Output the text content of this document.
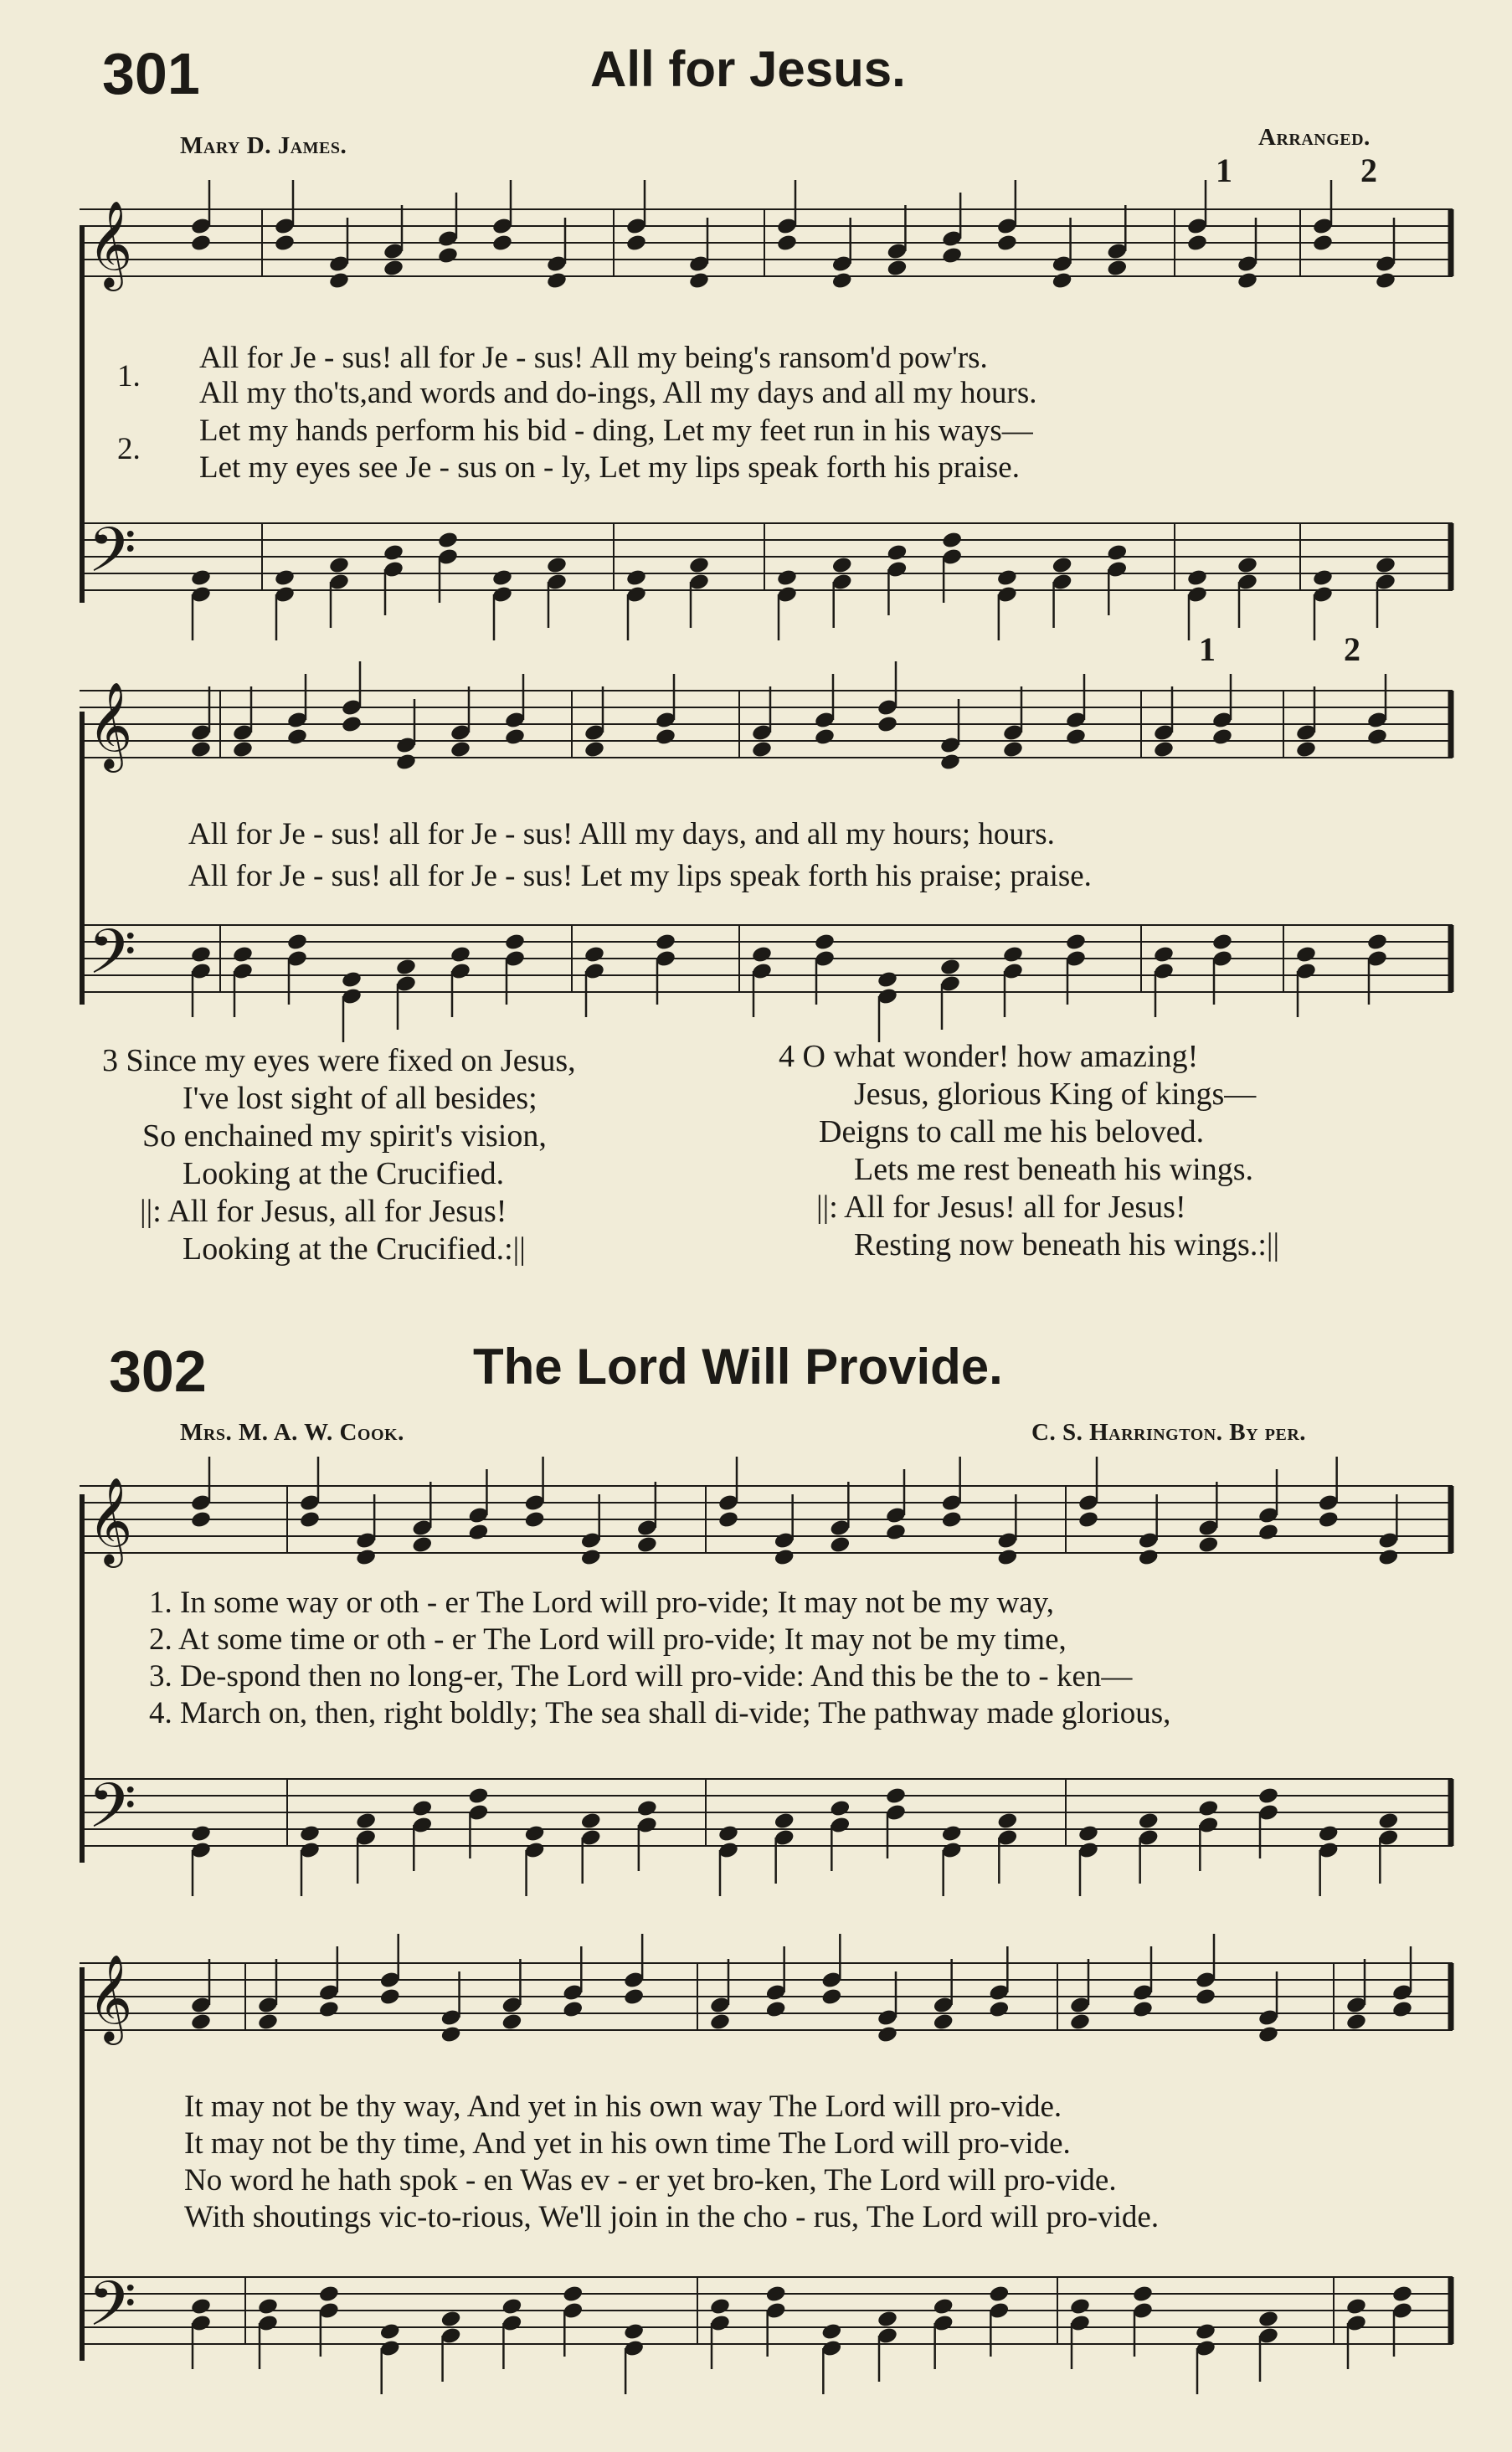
301	All for Jesus.
Mary D. James.	Arranged.
𝄞
𝄢
1.
2.
All for Je - sus! all for Je - sus! All my being's ransom'd pow'rs.
All my tho'ts,and words and do-ings, All my days and all my hours.
Let my hands perform his bid - ding, Let my feet run in his ways—
Let my eyes see Je - sus on - ly, Let my lips speak forth his praise.
𝄞
𝄢
All for Je - sus! all for Je - sus! Alll my days, and all my hours; hours.
All for Je - sus! all for Je - sus! Let my lips speak forth his praise; praise.
3 Since my eyes were fixed on Jesus,
I've lost sight of all besides;
So enchained my spirit's vision,
Looking at the Crucified.
||: All for Jesus, all for Jesus!
Looking at the Crucified.:||
4 O what wonder! how amazing!
Jesus, glorious King of kings—
Deigns to call me his beloved.
Lets me rest beneath his wings.
||: All for Jesus! all for Jesus!
Resting now beneath his wings.:||
302	The Lord Will Provide.
Mrs. M. A. W. Cook.	C. S. Harrington. By per.
𝄞
𝄢
1. In some way or oth - er The Lord will pro-vide; It may not be my way,
2. At some time or oth - er The Lord will pro-vide; It may not be my time,
3. De-spond then no long-er, The Lord will pro-vide: And this be the to - ken—
4. March on, then, right boldly; The sea shall di-vide; The pathway made glorious,
𝄞
𝄢
It may not be thy way, And yet in his own way The Lord will pro-vide.
It may not be thy time, And yet in his own time The Lord will pro-vide.
No word he hath spok - en Was ev - er yet bro-ken, The Lord will pro-vide.
With shoutings vic-to-rious, We'll join in the cho - rus, The Lord will pro-vide.
1	2
1	2
